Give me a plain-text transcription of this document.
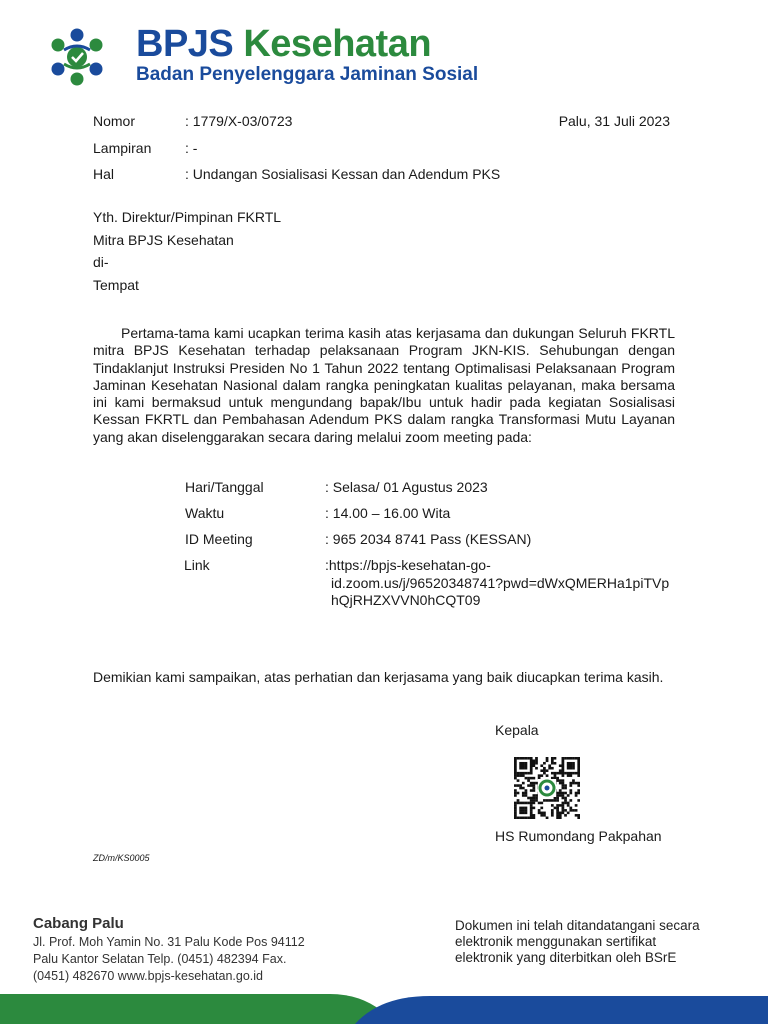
BPJS Kesehatan
Badan Penyelenggara Jaminan Sosial
Nomor	: 1779/X-03/0723	Palu, 31 Juli 2023
Lampiran : -
Hal	: Undangan Sosialisasi Kessan dan Adendum PKS
Yth. Direktur/Pimpinan FKRTL
Mitra BPJS Kesehatan
di-
Tempat
Pertama-tama kami ucapkan terima kasih atas kerjasama dan dukungan Seluruh FKRTL mitra BPJS Kesehatan terhadap pelaksanaan Program JKN-KIS. Sehubungan dengan Tindaklanjut Instruksi Presiden No 1 Tahun 2022 tentang Optimalisasi Pelaksanaan Program Jaminan Kesehatan Nasional dalam rangka peningkatan kualitas pelayanan, maka bersama ini kami bermaksud untuk mengundang bapak/Ibu untuk hadir pada kegiatan Sosialisasi Kessan FKRTL dan Pembahasan Adendum PKS dalam rangka Transformasi Mutu Layanan yang akan diselenggarakan secara daring melalui zoom meeting pada:
Hari/Tanggal	: Selasa/ 01 Agustus 2023
Waktu	: 14.00 – 16.00 Wita
ID Meeting	: 965 2034 8741 Pass (KESSAN)
Link	:https://bpjs-kesehatan-go-
id.zoom.us/j/96520348741?pwd=dWxQMERHa1piTVp
hQjRHZXVVN0hCQT09
Demikian kami sampaikan, atas perhatian dan kerjasama yang baik diucapkan terima kasih.
Kepala
HS Rumondang Pakpahan
ZD/m/KS0005
Cabang Palu
Jl. Prof. Moh Yamin No. 31 Palu Kode Pos 94112
Palu Kantor Selatan Telp. (0451) 482394 Fax.
(0451) 482670 www.bpjs-kesehatan.go.id
Dokumen ini telah ditandatangani secara
elektronik menggunakan sertifikat
elektronik yang diterbitkan oleh BSrE
